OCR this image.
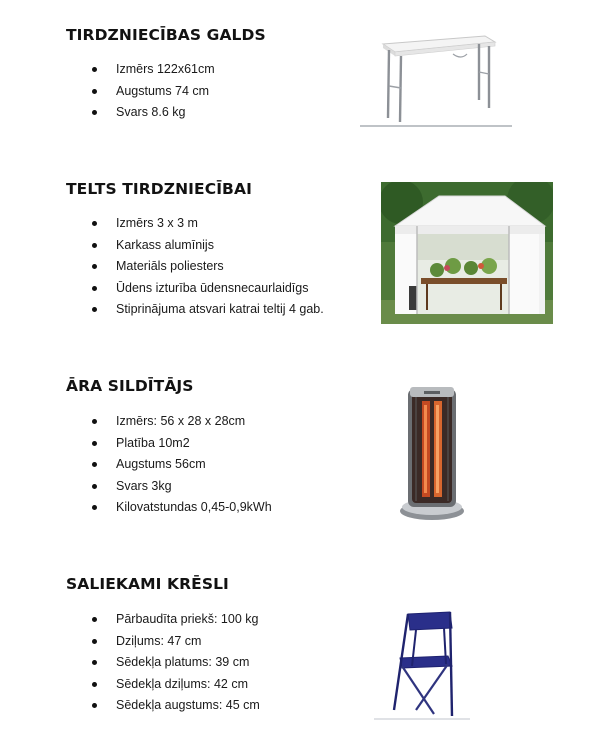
TIRDZNIECĪBAS GALDS
Izmērs 122x61cm
Augstums 74 cm
Svars 8.6 kg
TELTS TIRDZNIECĪBAI
Izmērs 3 x 3 m
Karkass alumīnijs
Materiāls poliesters
Ūdens izturība ūdensnecaurlaidīgs
Stiprinājuma atsvari katrai teltij 4 gab.
ĀRA SILDĪTĀJS
Izmērs: 56 x 28 x 28cm
Platība 10m2
Augstums 56cm
Svars 3kg
Kilovatstundas 0,45-0,9kWh
SALIEKAMI KRĒSLI
Pārbaudīta priekš: 100 kg
Dziļums: 47 cm
Sēdekļa platums: 39 cm
Sēdekļa dziļums: 42 cm
Sēdekļa augstums: 45 cm
